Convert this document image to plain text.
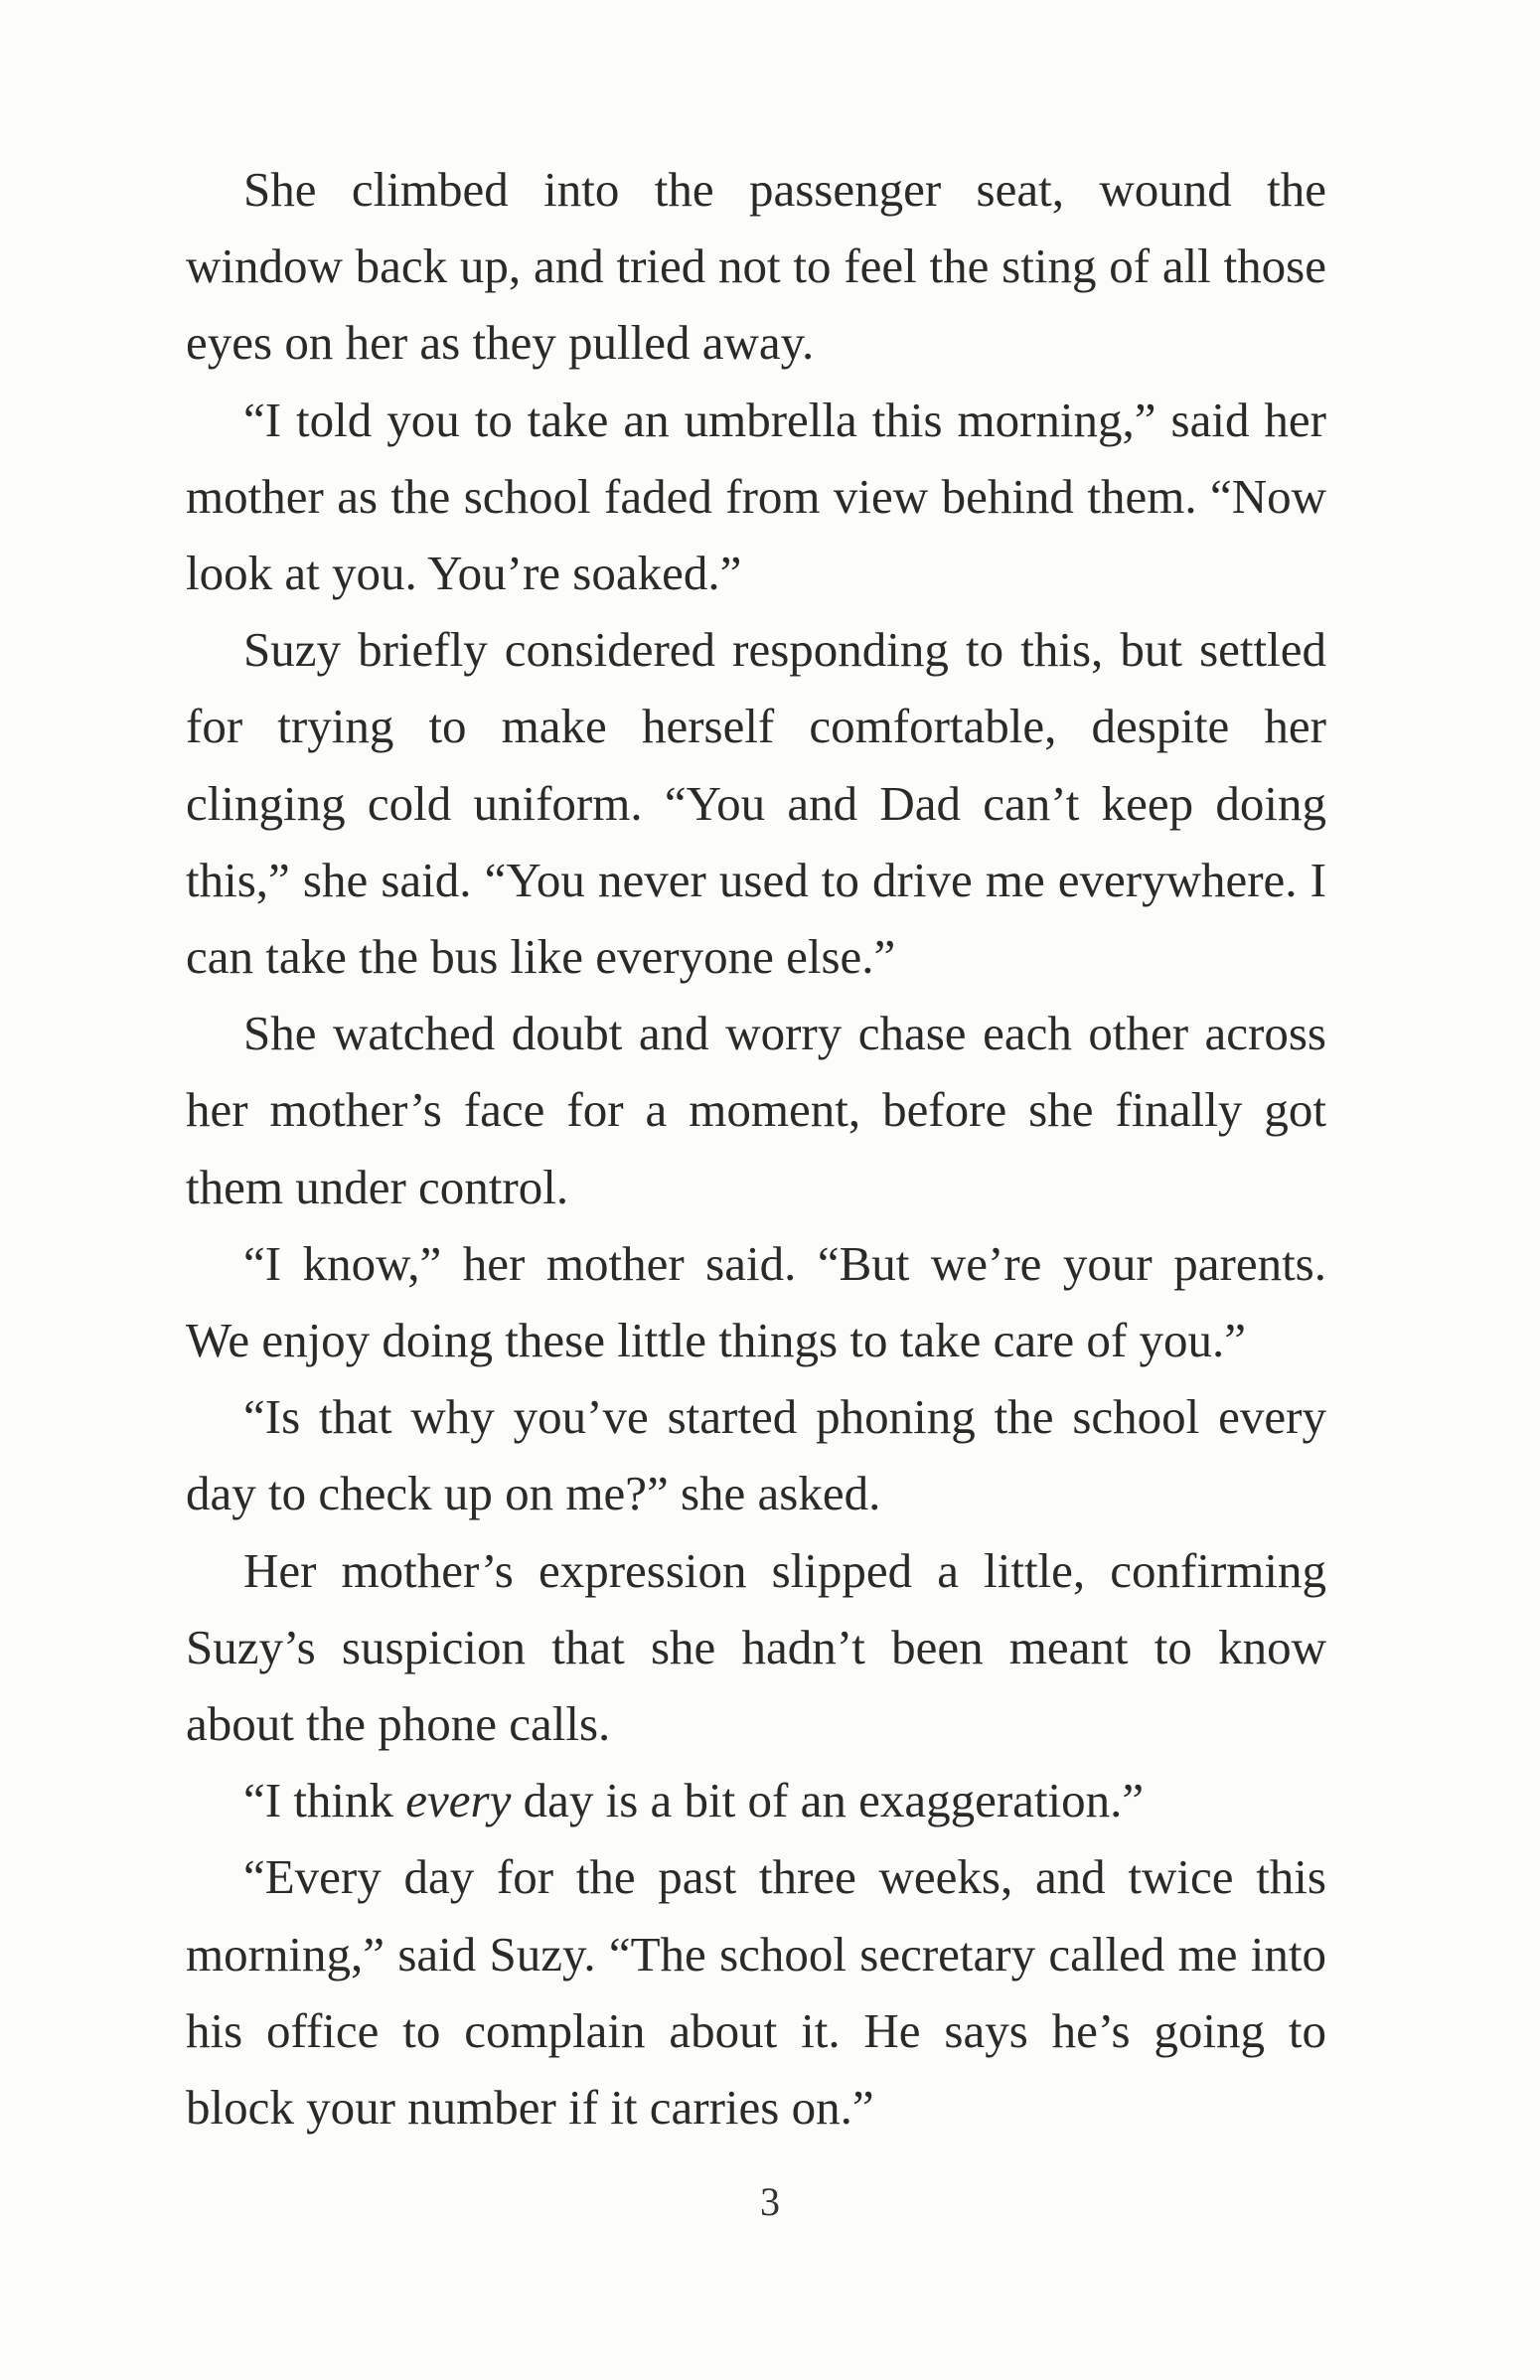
She climbed into the passenger seat, wound the window back up, and tried not to feel the sting of all those eyes on her as they pulled away.

“I told you to take an umbrella this morning,” said her mother as the school faded from view behind them. “Now look at you. You’re soaked.”

Suzy briefly considered responding to this, but settled for trying to make herself comfortable, despite her clinging cold uniform. “You and Dad can’t keep doing this,” she said. “You never used to drive me everywhere. I can take the bus like everyone else.”

She watched doubt and worry chase each other across her mother’s face for a moment, before she finally got them under control.

“I know,” her mother said. “But we’re your parents. We enjoy doing these little things to take care of you.”

“Is that why you’ve started phoning the school every day to check up on me?” she asked.

Her mother’s expression slipped a little, confirming Suzy’s suspicion that she hadn’t been meant to know about the phone calls.

“I think every day is a bit of an exaggeration.”

“Every day for the past three weeks, and twice this morning,” said Suzy. “The school secretary called me into his office to complain about it. He says he’s going to block your number if it carries on.”

3
